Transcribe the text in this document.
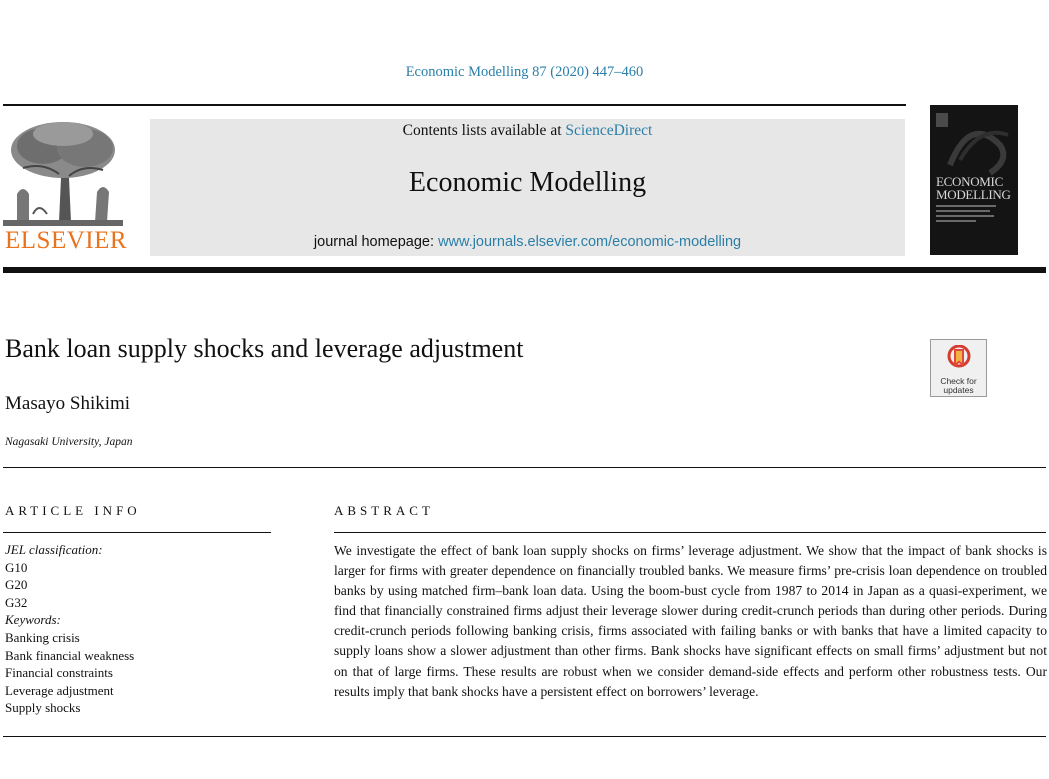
Economic Modelling 87 (2020) 447–460
ELSEVIER
Contents lists available at ScienceDirect
Economic Modelling
journal homepage: www.journals.elsevier.com/economic-modelling
ECONOMIC MODELLING
Bank loan supply shocks and leverage adjustment
Masayo Shikimi
Nagasaki University, Japan
Check for updates
ARTICLE INFO	ABSTRACT
JEL classification:
G10
G20
G32
Keywords:
Banking crisis
Bank financial weakness
Financial constraints
Leverage adjustment
Supply shocks
We investigate the effect of bank loan supply shocks on firms’ leverage adjustment. We show that the impact of bank shocks is larger for firms with greater dependence on financially troubled banks. We measure firms’ pre-crisis loan dependence on troubled banks by using matched firm–bank loan data. Using the boom-bust cycle from 1987 to 2014 in Japan as a quasi-experiment, we find that financially constrained firms adjust their leverage slower during credit-crunch periods than during other periods. During credit-crunch periods following banking crisis, firms associated with failing banks or with banks that have a limited capacity to supply loans show a slower adjustment than other firms. Bank shocks have significant effects on small firms’ adjustment but not on that of large firms. These results are robust when we consider demand-side effects and perform other robustness tests. Our results imply that bank shocks have a persistent effect on borrowers’ leverage.
